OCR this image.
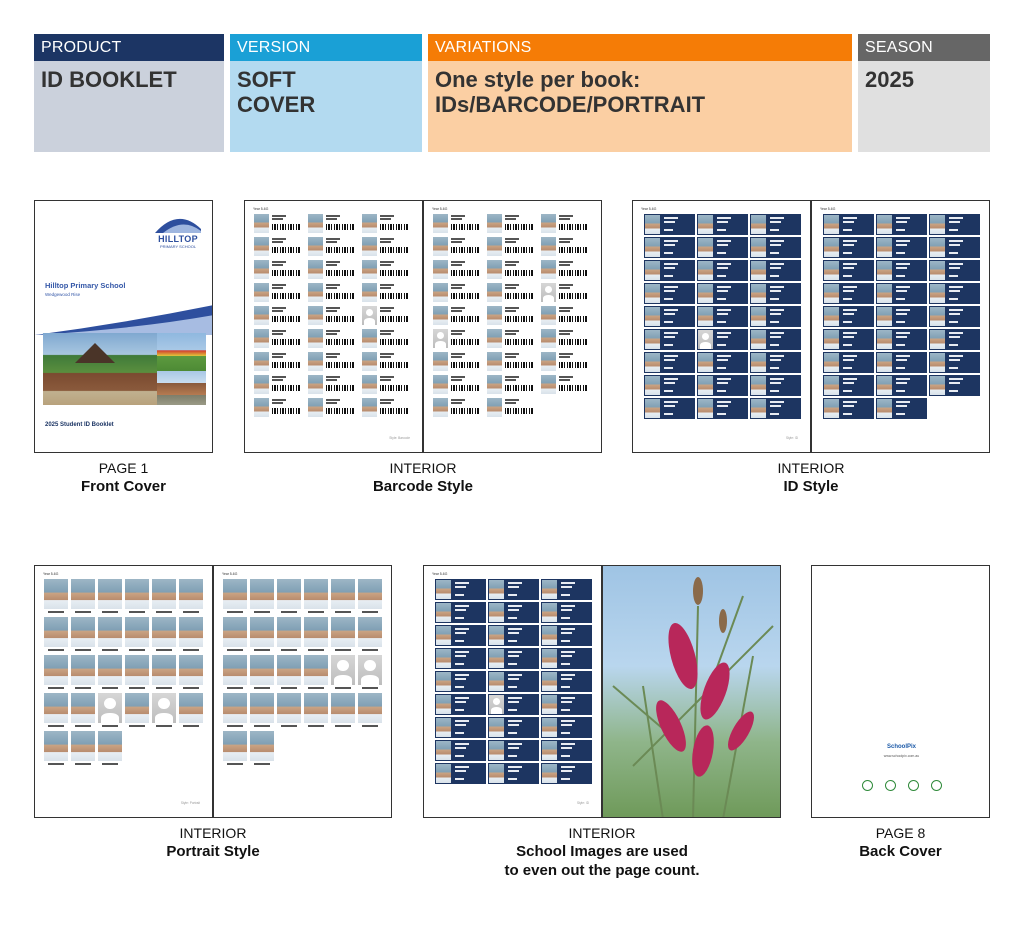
PRODUCT
ID BOOKLET
VERSION
SOFT
COVER
VARIATIONS
One style per book:
IDs/BARCODE/PORTRAIT
SEASON
2025
HILLTOP
PRIMARY SCHOOL
Hilltop Primary School
Wedgewood Rise
2025 Student ID Booklet
PAGE 1
Front Cover
Year 5-6G
Style: Barcode
Year 5-6G
INTERIOR
Barcode Style
Year 5-6G
Style: ID
Year 5-6G
INTERIOR
ID Style
Year 5-6G
Style: Portrait
Year 5-6G
INTERIOR
Portrait Style
Year 5-6G
Style: ID
INTERIOR
School Images are used
to even out the page count.
SchoolPix
www.schoolpix.com.au
PAGE 8
Back Cover
